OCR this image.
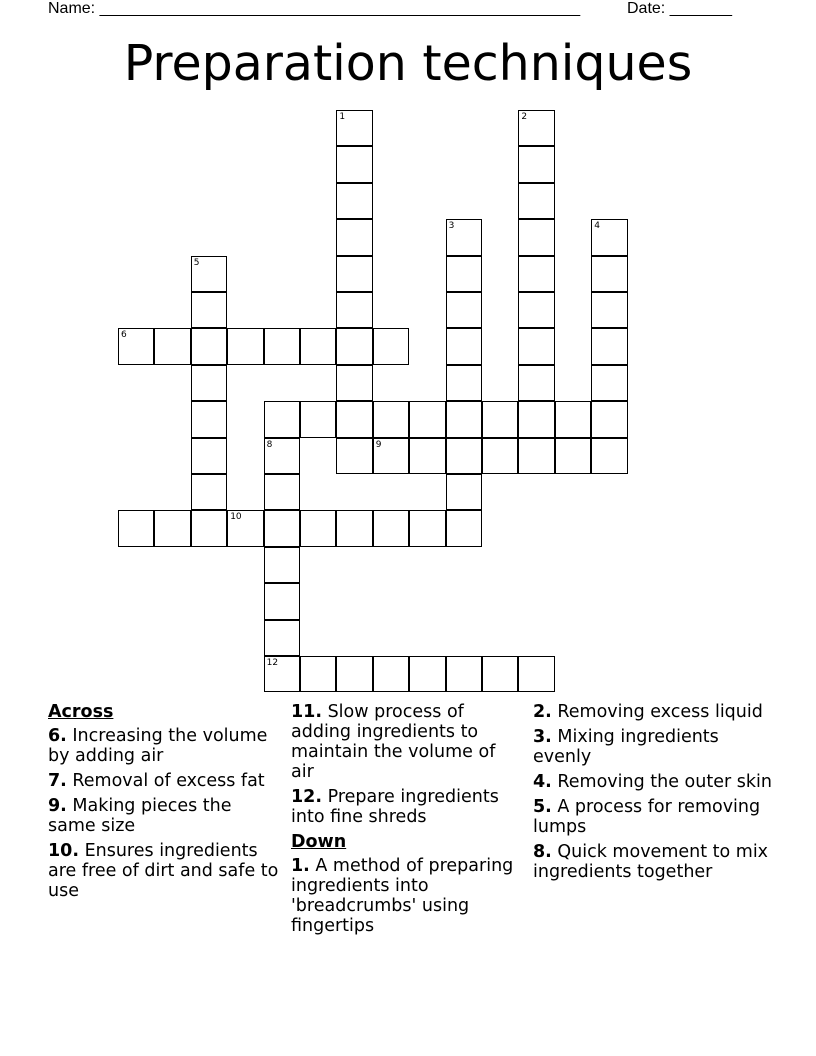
Name: ______________________________________________________	Date: _______
Preparation techniques
6
1	2
3	4
5
8
12
9
10
Across
6. Increasing the volume by adding air
7. Removal of excess fat
9. Making pieces the same size
10. Ensures ingredients are free of dirt and safe to use
11. Slow process of adding ingredients to maintain the volume of air
12. Prepare ingredients into fine shreds
Down
1. A method of preparing ingredients into 'breadcrumbs' using fingertips
2. Removing excess liquid
3. Mixing ingredients evenly
4. Removing the outer skin
5. A process for removing lumps
8. Quick movement to mix ingredients together
